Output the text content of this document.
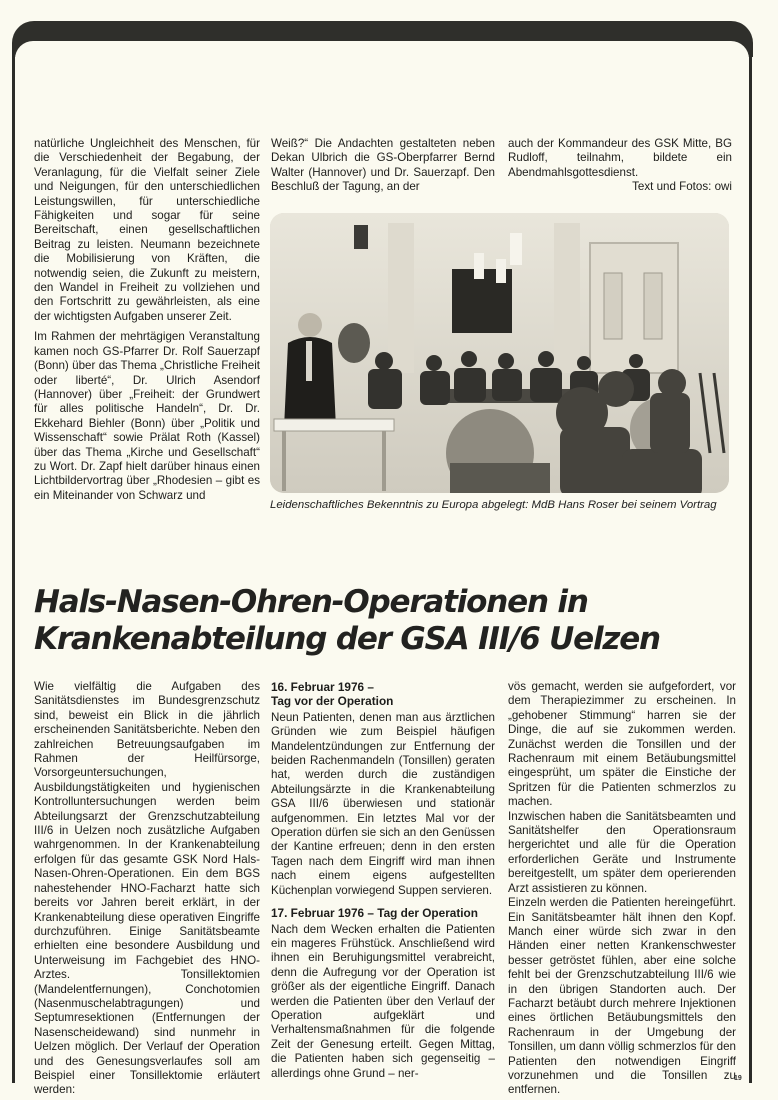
natürliche Ungleichheit des Menschen, für die Verschiedenheit der Begabung, der Veranlagung, für die Vielfalt seiner Ziele und Neigungen, für den unterschiedlichen Leistungswillen, für unterschiedliche Fähigkeiten und sogar für seine Bereitschaft, einen gesellschaftlichen Beitrag zu leisten. Neumann bezeichnete die Mobilisierung von Kräften, die notwendig seien, die Zukunft zu meistern, den Wandel in Freiheit zu vollziehen und den Fortschritt zu gewährleisten, als eine der wichtigsten Aufgaben unserer Zeit.

Im Rahmen der mehrtägigen Veranstaltung kamen noch GS-Pfarrer Dr. Rolf Sauerzapf (Bonn) über das Thema „Christliche Freiheit oder liberté“, Dr. Ulrich Asendorf (Hannover) über „Freiheit: der Grundwert für alles politische Handeln“, Dr. Dr. Ekkehard Biehler (Bonn) über „Politik und Wissenschaft“ sowie Prälat Roth (Kassel) über das Thema „Kirche und Gesellschaft“ zu Wort. Dr. Zapf hielt darüber hinaus einen Lichtbildervortrag über „Rhodesien – gibt es ein Miteinander von Schwarz und

Weiß?“ Die Andachten gestalteten neben Dekan Ulbrich die GS-Oberpfarrer Bernd Walter (Hannover) und Dr. Sauerzapf. Den Beschluß der Tagung, an der

auch der Kommandeur des GSK Mitte, BG Rudloff, teilnahm, bildete ein Abendmahlsgottesdienst.

Text und Fotos: owi

Leidenschaftliches Bekenntnis zu Europa abgelegt: MdB Hans Roser bei seinem Vortrag
Hals-Nasen-Ohren-Operationen in
Krankenabteilung der GSA III/6 Uelzen

Wie vielfältig die Aufgaben des Sanitätsdienstes im Bundesgrenzschutz sind, beweist ein Blick in die jährlich erscheinenden Sanitätsberichte. Neben den zahlreichen Betreuungsaufgaben im Rahmen der Heilfürsorge, Vorsorgeuntersuchungen, Ausbildungstätigkeiten und hygienischen Kontrolluntersuchungen werden beim Abteilungsarzt der Grenzschutzabteilung III/6 in Uelzen noch zusätzliche Aufgaben wahrgenommen. In der Krankenabteilung erfolgen für das gesamte GSK Nord Hals-Nasen-Ohren-Operationen. Ein dem BGS nahestehender HNO-Facharzt hatte sich bereits vor Jahren bereit erklärt, in der Krankenabteilung diese operativen Eingriffe durchzuführen. Einige Sanitätsbeamte erhielten eine besondere Ausbildung und Unterweisung im Fachgebiet des HNO-Arztes. Tonsillektomien (Mandelentfernungen), Conchotomien (Nasenmuschelabtragungen) und Septumresektionen (Entfernungen der Nasenscheidewand) sind nunmehr in Uelzen möglich. Der Verlauf der Operation und des Genesungsverlaufes soll am Beispiel einer Tonsillektomie erläutert werden:

16. Februar 1976 –
Tag vor der Operation

Neun Patienten, denen man aus ärztlichen Gründen wie zum Beispiel häufigen Mandelentzündungen zur Entfernung der beiden Rachenmandeln (Tonsillen) geraten hat, werden durch die zuständigen Abteilungsärzte in die Krankenabteilung GSA III/6 überwiesen und stationär aufgenommen. Ein letztes Mal vor der Operation dürfen sie sich an den Genüssen der Kantine erfreuen; denn in den ersten Tagen nach dem Eingriff wird man ihnen nach einem eigens aufgestellten Küchenplan vorwiegend Suppen servieren.

17. Februar 1976 – Tag der Operation

Nach dem Wecken erhalten die Patienten ein mageres Frühstück. Anschließend wird ihnen ein Beruhigungsmittel verabreicht, denn die Aufregung vor der Operation ist größer als der eigentliche Eingriff. Danach werden die Patienten über den Verlauf der Operation aufgeklärt und Verhaltensmaßnahmen für die folgende Zeit der Genesung erteilt. Gegen Mittag, die Patienten haben sich gegenseitig – allerdings ohne Grund – ner-

vös gemacht, werden sie aufgefordert, vor dem Therapiezimmer zu erscheinen. In „gehobener Stimmung“ harren sie der Dinge, die auf sie zukommen werden. Zunächst werden die Tonsillen und der Rachenraum mit einem Betäubungsmittel eingesprüht, um später die Einstiche der Spritzen für die Patienten schmerzlos zu machen.

Inzwischen haben die Sanitätsbeamten und Sanitätshelfer den Operationsraum hergerichtet und alle für die Operation erforderlichen Geräte und Instrumente bereitgestellt, um später dem operierenden Arzt assistieren zu können.

Einzeln werden die Patienten hereingeführt. Ein Sanitätsbeamter hält ihnen den Kopf. Manch einer würde sich zwar in den Händen einer netten Krankenschwester besser getröstet fühlen, aber eine solche fehlt bei der Grenzschutzabteilung III/6 wie in den übrigen Standorten auch. Der Facharzt betäubt durch mehrere Injektionen eines örtlichen Betäubungsmittels den Rachenraum in der Umgebung der Tonsillen, um dann völlig schmerzlos für den Patienten den notwendigen Eingriff vorzunehmen und die Tonsillen zu entfernen.

19
